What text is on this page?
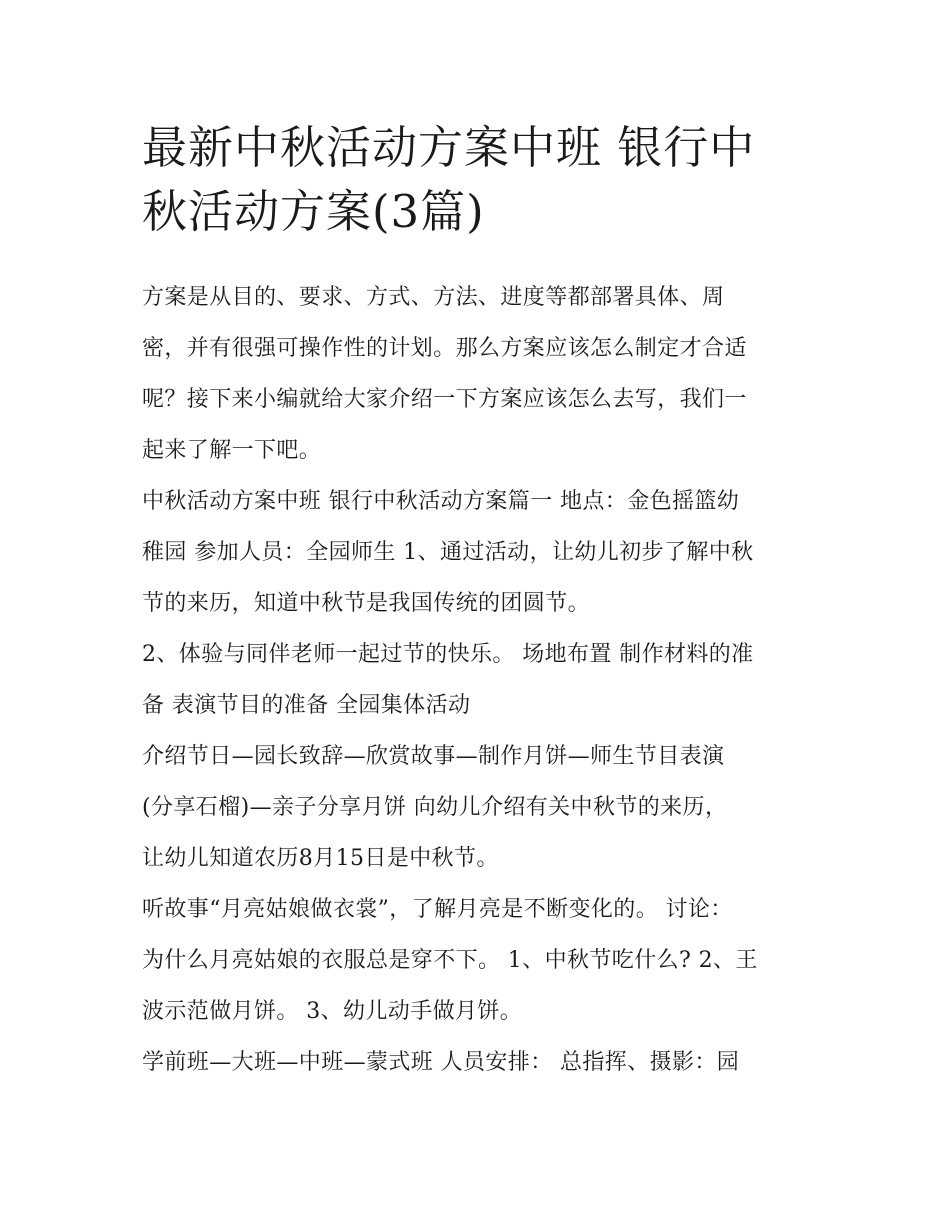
最新中秋活动方案中班 银行中
秋活动方案(3篇)

方案是从目的、要求、方式、方法、进度等都部署具体、周
密，并有很强可操作性的计划。那么方案应该怎么制定才合适
呢？接下来小编就给大家介绍一下方案应该怎么去写，我们一
起来了解一下吧。

中秋活动方案中班 银行中秋活动方案篇一 地点：金色摇篮幼
稚园 参加人员：全园师生 1、通过活动，让幼儿初步了解中秋
节的来历，知道中秋节是我国传统的团圆节。

2、体验与同伴老师一起过节的快乐。 场地布置 制作材料的准
备 表演节目的准备 全园集体活动

介绍节日—园长致辞—欣赏故事—制作月饼—师生节目表演
(分享石榴)—亲子分享月饼 向幼儿介绍有关中秋节的来历，
让幼儿知道农历8月15日是中秋节。

听故事“月亮姑娘做衣裳”，了解月亮是不断变化的。 讨论：
为什么月亮姑娘的衣服总是穿不下。 1、中秋节吃什么? 2、王
波示范做月饼。 3、幼儿动手做月饼。

学前班—大班—中班—蒙式班 人员安排： 总指挥、摄影：园
